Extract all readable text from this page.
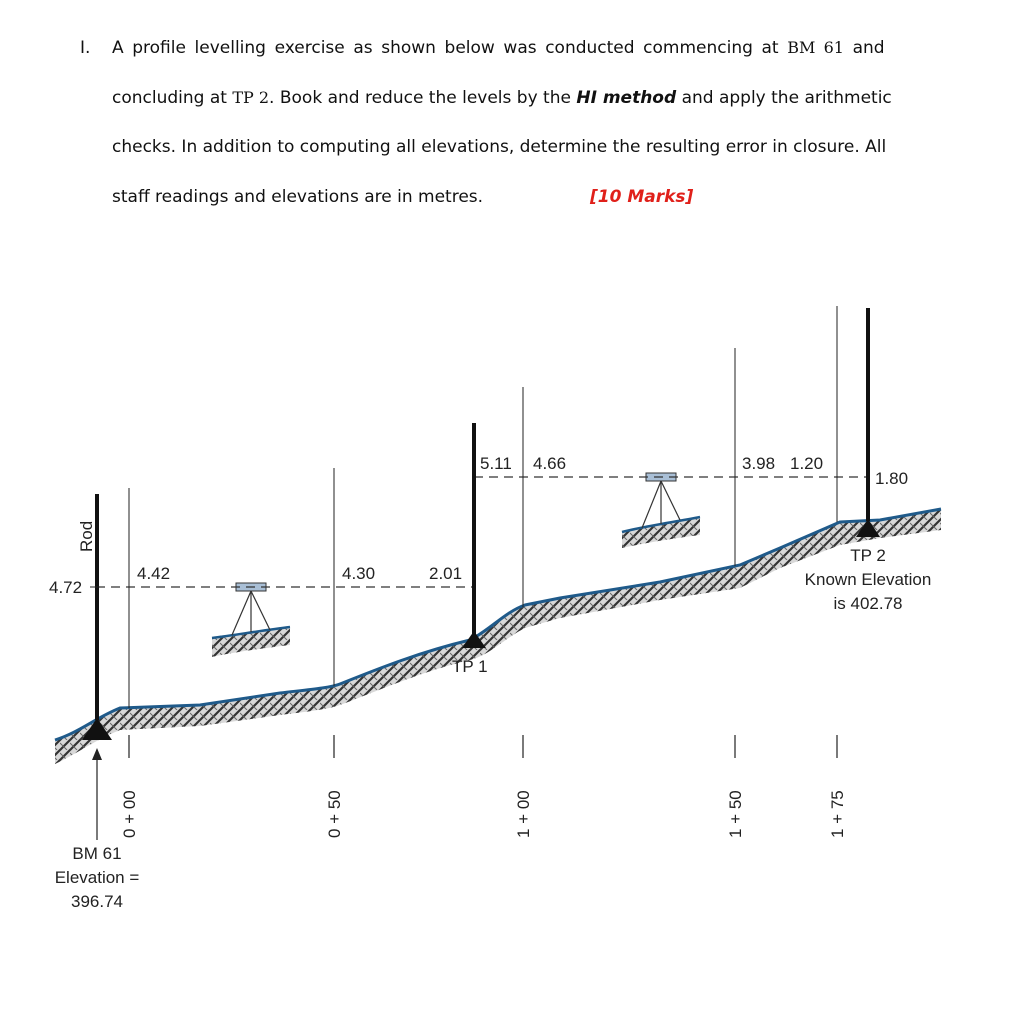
I. A profile levelling exercise as shown below was conducted commencing at BM 61 and
concluding at TP 2. Book and reduce the levels by the HI method and apply the arithmetic
checks. In addition to computing all elevations, determine the resulting error in closure. All
staff readings and elevations are in metres.	[10 Marks]
Rod
4.72
4.42	4.30	2.01
5.11 4.66	3.98 1.20
1.80
TP 1
TP 2
Known Elevation
is 402.78
BM 61
Elevation =
396.74
0 + 00	0 + 50	1 + 00	1 + 50	1 + 75
